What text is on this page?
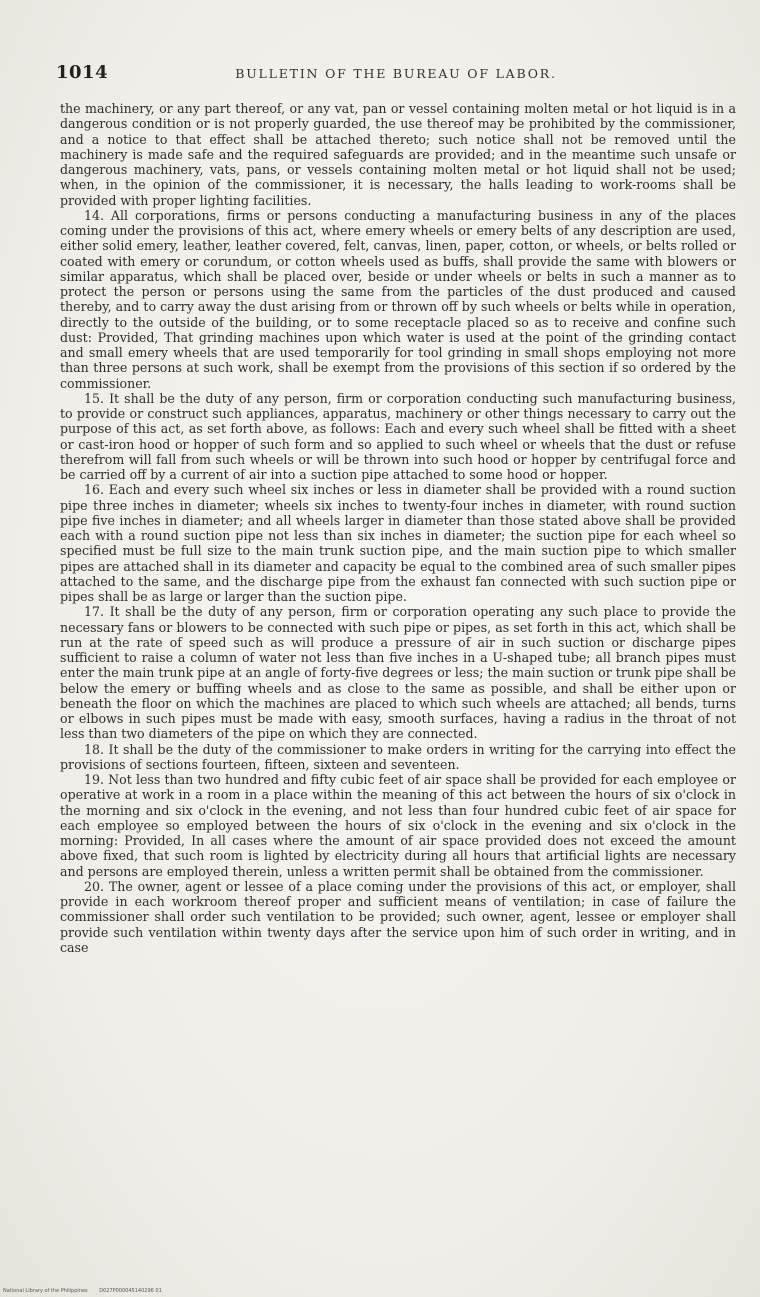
1014	BULLETIN OF THE BUREAU OF LABOR.

the machinery, or any part thereof, or any vat, pan or vessel containing molten metal or hot liquid is in a dangerous condition or is not properly guarded, the use thereof may be prohibited by the commissioner, and a notice to that effect shall be attached thereto; such notice shall not be removed until the machinery is made safe and the required safeguards are provided; and in the meantime such unsafe or dangerous machinery, vats, pans, or vessels containing molten metal or hot liquid shall not be used; when, in the opinion of the commissioner, it is necessary, the halls leading to work-rooms shall be provided with proper lighting facilities.

14. All corporations, firms or persons conducting a manufacturing business in any of the places coming under the provisions of this act, where emery wheels or emery belts of any description are used, either solid emery, leather, leather covered, felt, canvas, linen, paper, cotton, or wheels, or belts rolled or coated with emery or corundum, or cotton wheels used as buffs, shall provide the same with blowers or similar apparatus, which shall be placed over, beside or under wheels or belts in such a manner as to protect the person or persons using the same from the particles of the dust produced and caused thereby, and to carry away the dust arising from or thrown off by such wheels or belts while in operation, directly to the outside of the building, or to some receptacle placed so as to receive and confine such dust: Provided, That grinding machines upon which water is used at the point of the grinding contact and small emery wheels that are used temporarily for tool grinding in small shops employing not more than three persons at such work, shall be exempt from the provisions of this section if so ordered by the commissioner.

15. It shall be the duty of any person, firm or corporation conducting such manufacturing business, to provide or construct such appliances, apparatus, machinery or other things necessary to carry out the purpose of this act, as set forth above, as follows: Each and every such wheel shall be fitted with a sheet or cast-iron hood or hopper of such form and so applied to such wheel or wheels that the dust or refuse therefrom will fall from such wheels or will be thrown into such hood or hopper by centrifugal force and be carried off by a current of air into a suction pipe attached to some hood or hopper.

16. Each and every such wheel six inches or less in diameter shall be provided with a round suction pipe three inches in diameter; wheels six inches to twenty-four inches in diameter, with round suction pipe five inches in diameter; and all wheels larger in diameter than those stated above shall be provided each with a round suction pipe not less than six inches in diameter; the suction pipe for each wheel so specified must be full size to the main trunk suction pipe, and the main suction pipe to which smaller pipes are attached shall in its diameter and capacity be equal to the combined area of such smaller pipes attached to the same, and the discharge pipe from the exhaust fan connected with such suction pipe or pipes shall be as large or larger than the suction pipe.

17. It shall be the duty of any person, firm or corporation operating any such place to provide the necessary fans or blowers to be connected with such pipe or pipes, as set forth in this act, which shall be run at the rate of speed such as will produce a pressure of air in such suction or discharge pipes sufficient to raise a column of water not less than five inches in a U-shaped tube; all branch pipes must enter the main trunk pipe at an angle of forty-five degrees or less; the main suction or trunk pipe shall be below the emery or buffing wheels and as close to the same as possible, and shall be either upon or beneath the floor on which the machines are placed to which such wheels are attached; all bends, turns or elbows in such pipes must be made with easy, smooth surfaces, having a radius in the throat of not less than two diameters of the pipe on which they are connected.

18. It shall be the duty of the commissioner to make orders in writing for the carrying into effect the provisions of sections fourteen, fifteen, sixteen and seventeen.

19. Not less than two hundred and fifty cubic feet of air space shall be provided for each employee or operative at work in a room in a place within the meaning of this act between the hours of six o'clock in the morning and six o'clock in the evening, and not less than four hundred cubic feet of air space for each employee so employed between the hours of six o'clock in the evening and six o'clock in the morning: Provided, In all cases where the amount of air space provided does not exceed the amount above fixed, that such room is lighted by electricity during all hours that artificial lights are necessary and persons are employed therein, unless a written permit shall be obtained from the commissioner.

20. The owner, agent or lessee of a place coming under the provisions of this act, or employer, shall provide in each workroom thereof proper and sufficient means of ventilation; in case of failure the commissioner shall order such ventilation to be provided; such owner, agent, lessee or employer shall provide such ventilation within twenty days after the service upon him of such order in writing, and in case

National Library of the Philippines D027P000045140296 01
